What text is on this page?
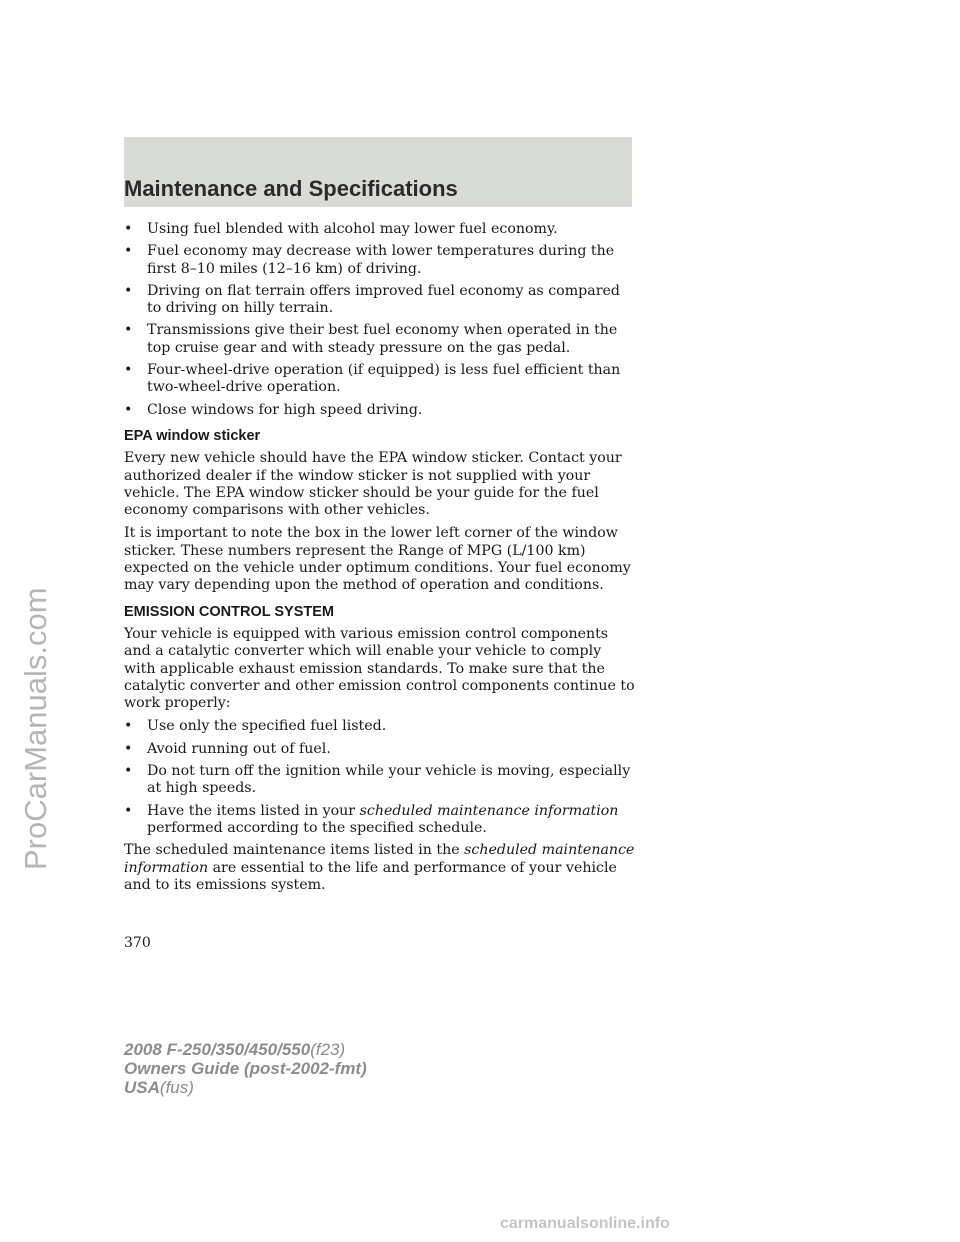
Maintenance and Specifications
• Using fuel blended with alcohol may lower fuel economy.
• Fuel economy may decrease with lower temperatures during the first 8–10 miles (12–16 km) of driving.
• Driving on flat terrain offers improved fuel economy as compared to driving on hilly terrain.
• Transmissions give their best fuel economy when operated in the top cruise gear and with steady pressure on the gas pedal.
• Four-wheel-drive operation (if equipped) is less fuel efficient than two-wheel-drive operation.
• Close windows for high speed driving.
EPA window sticker

Every new vehicle should have the EPA window sticker. Contact your authorized dealer if the window sticker is not supplied with your vehicle. The EPA window sticker should be your guide for the fuel economy comparisons with other vehicles.

It is important to note the box in the lower left corner of the window sticker. These numbers represent the Range of MPG (L/100 km) expected on the vehicle under optimum conditions. Your fuel economy may vary depending upon the method of operation and conditions.

EMISSION CONTROL SYSTEM

Your vehicle is equipped with various emission control components and a catalytic converter which will enable your vehicle to comply with applicable exhaust emission standards. To make sure that the catalytic converter and other emission control components continue to work properly:

• Use only the specified fuel listed.
• Avoid running out of fuel.
• Do not turn off the ignition while your vehicle is moving, especially at high speeds.
• Have the items listed in your scheduled maintenance information performed according to the specified schedule.

The scheduled maintenance items listed in the scheduled maintenance information are essential to the life and performance of your vehicle and to its emissions system.

370
2008 F-250/350/450/550(f23)
Owners Guide (post-2002-fmt)
USA(fus)
ProCarManuals.com
carmanualsonline.info
